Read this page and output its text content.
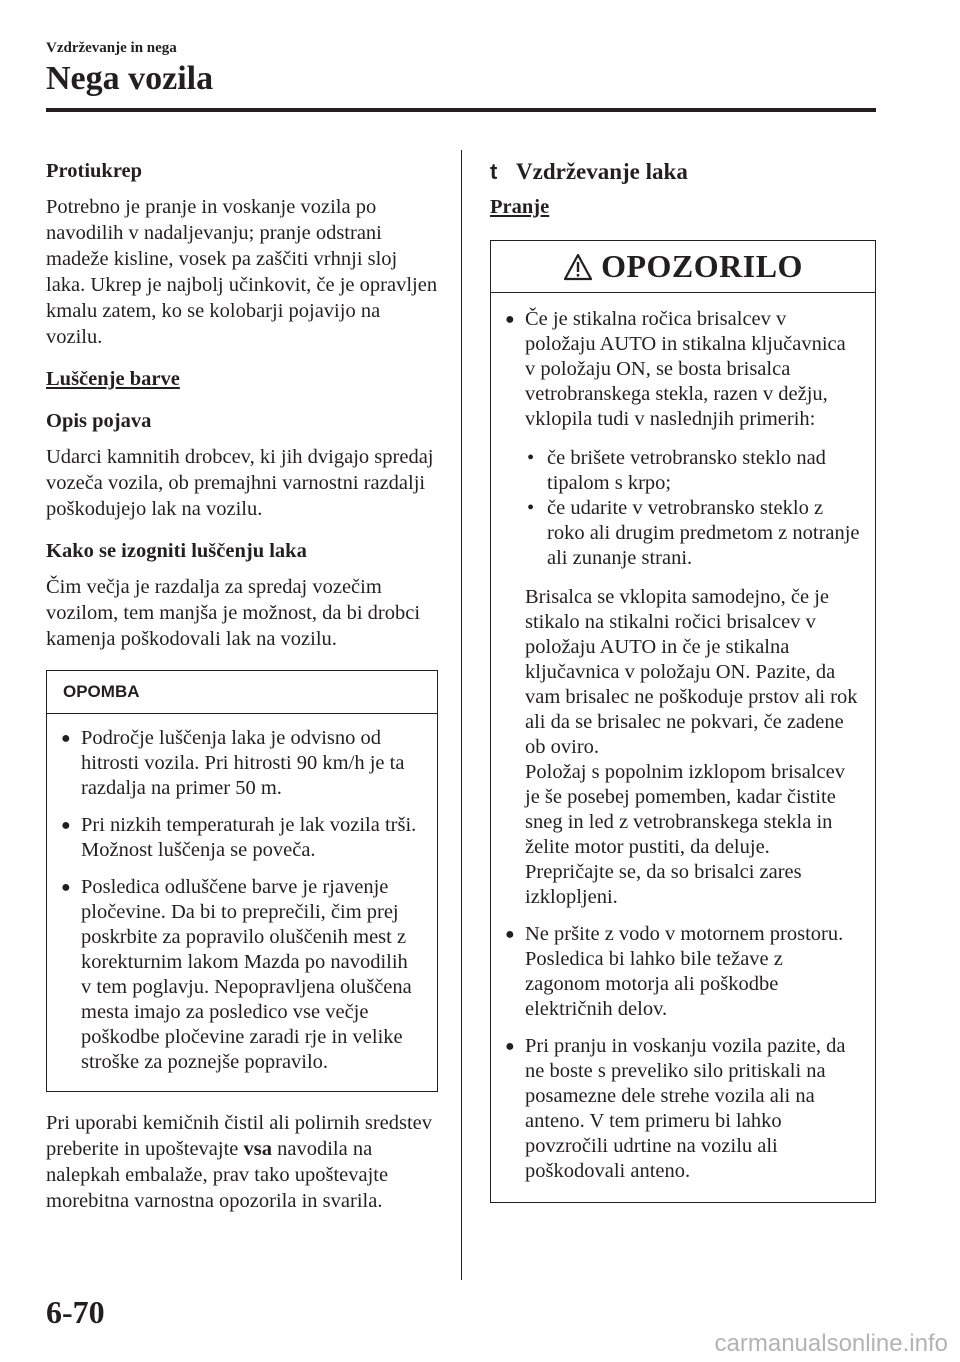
Vzdrževanje in nega
Nega vozila
Protiukrep
Potrebno je pranje in voskanje vozila po navodilih v nadaljevanju; pranje odstrani madeže kisline, vosek pa zaščiti vrhnji sloj laka. Ukrep je najbolj učinkovit, če je opravljen kmalu zatem, ko se kolobarji pojavijo na vozilu.
Luščenje barve
Opis pojava
Udarci kamnitih drobcev, ki jih dvigajo spredaj vozeča vozila, ob premajhni varnostni razdalji poškodujejo lak na vozilu.
Kako se izogniti luščenju laka
Čim večja je razdalja za spredaj vozečim vozilom, tem manjša je možnost, da bi drobci kamenja poškodovali lak na vozilu.
OPOMBA
● Področje luščenja laka je odvisno od hitrosti vozila. Pri hitrosti 90 km/h je ta razdalja na primer 50 m.
● Pri nizkih temperaturah je lak vozila trši. Možnost luščenja se poveča.
● Posledica odluščene barve je rjavenje pločevine. Da bi to preprečili, čim prej poskrbite za popravilo oluščenih mest z korekturnim lakom Mazda po navodilih v tem poglavju. Nepopravljena oluščena mesta imajo za posledico vse večje poškodbe pločevine zaradi rje in velike stroške za poznejše popravilo.
Pri uporabi kemičnih čistil ali polirnih sredstev preberite in upoštevajte vsa navodila na nalepkah embalaže, prav tako upoštevajte morebitna varnostna opozorila in svarila.
t Vzdrževanje laka
Pranje
OPOZORILO
● Če je stikalna ročica brisalcev v položaju AUTO in stikalna ključavnica v položaju ON, se bosta brisalca vetrobranskega stekla, razen v dežju, vklopila tudi v naslednjih primerih:
• če brišete vetrobransko steklo nad tipalom s krpo;
• če udarite v vetrobransko steklo z roko ali drugim predmetom z notranje ali zunanje strani.
Brisalca se vklopita samodejno, če je stikalo na stikalni ročici brisalcev v položaju AUTO in če je stikalna ključavnica v položaju ON. Pazite, da vam brisalec ne poškoduje prstov ali rok ali da se brisalec ne pokvari, če zadene ob oviro.
Položaj s popolnim izklopom brisalcev je še posebej pomemben, kadar čistite sneg in led z vetrobranskega stekla in želite motor pustiti, da deluje. Prepričajte se, da so brisalci zares izklopljeni.
● Ne pršite z vodo v motornem prostoru. Posledica bi lahko bile težave z zagonom motorja ali poškodbe električnih delov.
● Pri pranju in voskanju vozila pazite, da ne boste s preveliko silo pritiskali na posamezne dele strehe vozila ali na anteno. V tem primeru bi lahko povzročili udrtine na vozilu ali poškodovali anteno.
6-70
carmanualsonline.info
